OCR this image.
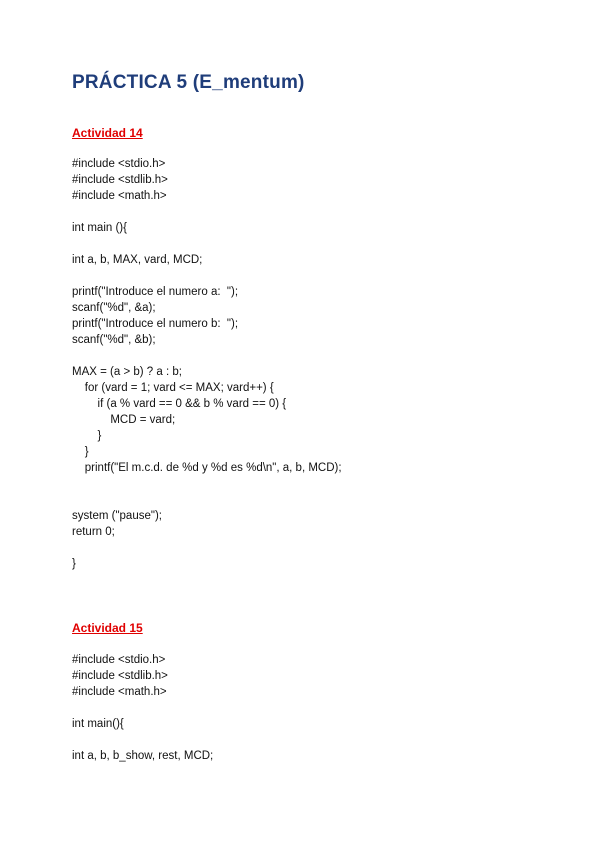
PRÁCTICA 5 (E_mentum)
Actividad 14
#include <stdio.h>
#include <stdlib.h>
#include <math.h>
int main (){
int a, b, MAX, vard, MCD;
printf("Introduce el numero a:  ");
scanf("%d", &a);
printf("Introduce el numero b:  ");
scanf("%d", &b);
MAX = (a > b) ? a : b;
for (vard = 1; vard <= MAX; vard++) {
if (a % vard == 0 && b % vard == 0) {
MCD = vard;
}
}
printf("El m.c.d. de %d y %d es %d\n", a, b, MCD);
system ("pause");
return 0;
}
Actividad 15
#include <stdio.h>
#include <stdlib.h>
#include <math.h>
int main(){
int a, b, b_show, rest, MCD;
